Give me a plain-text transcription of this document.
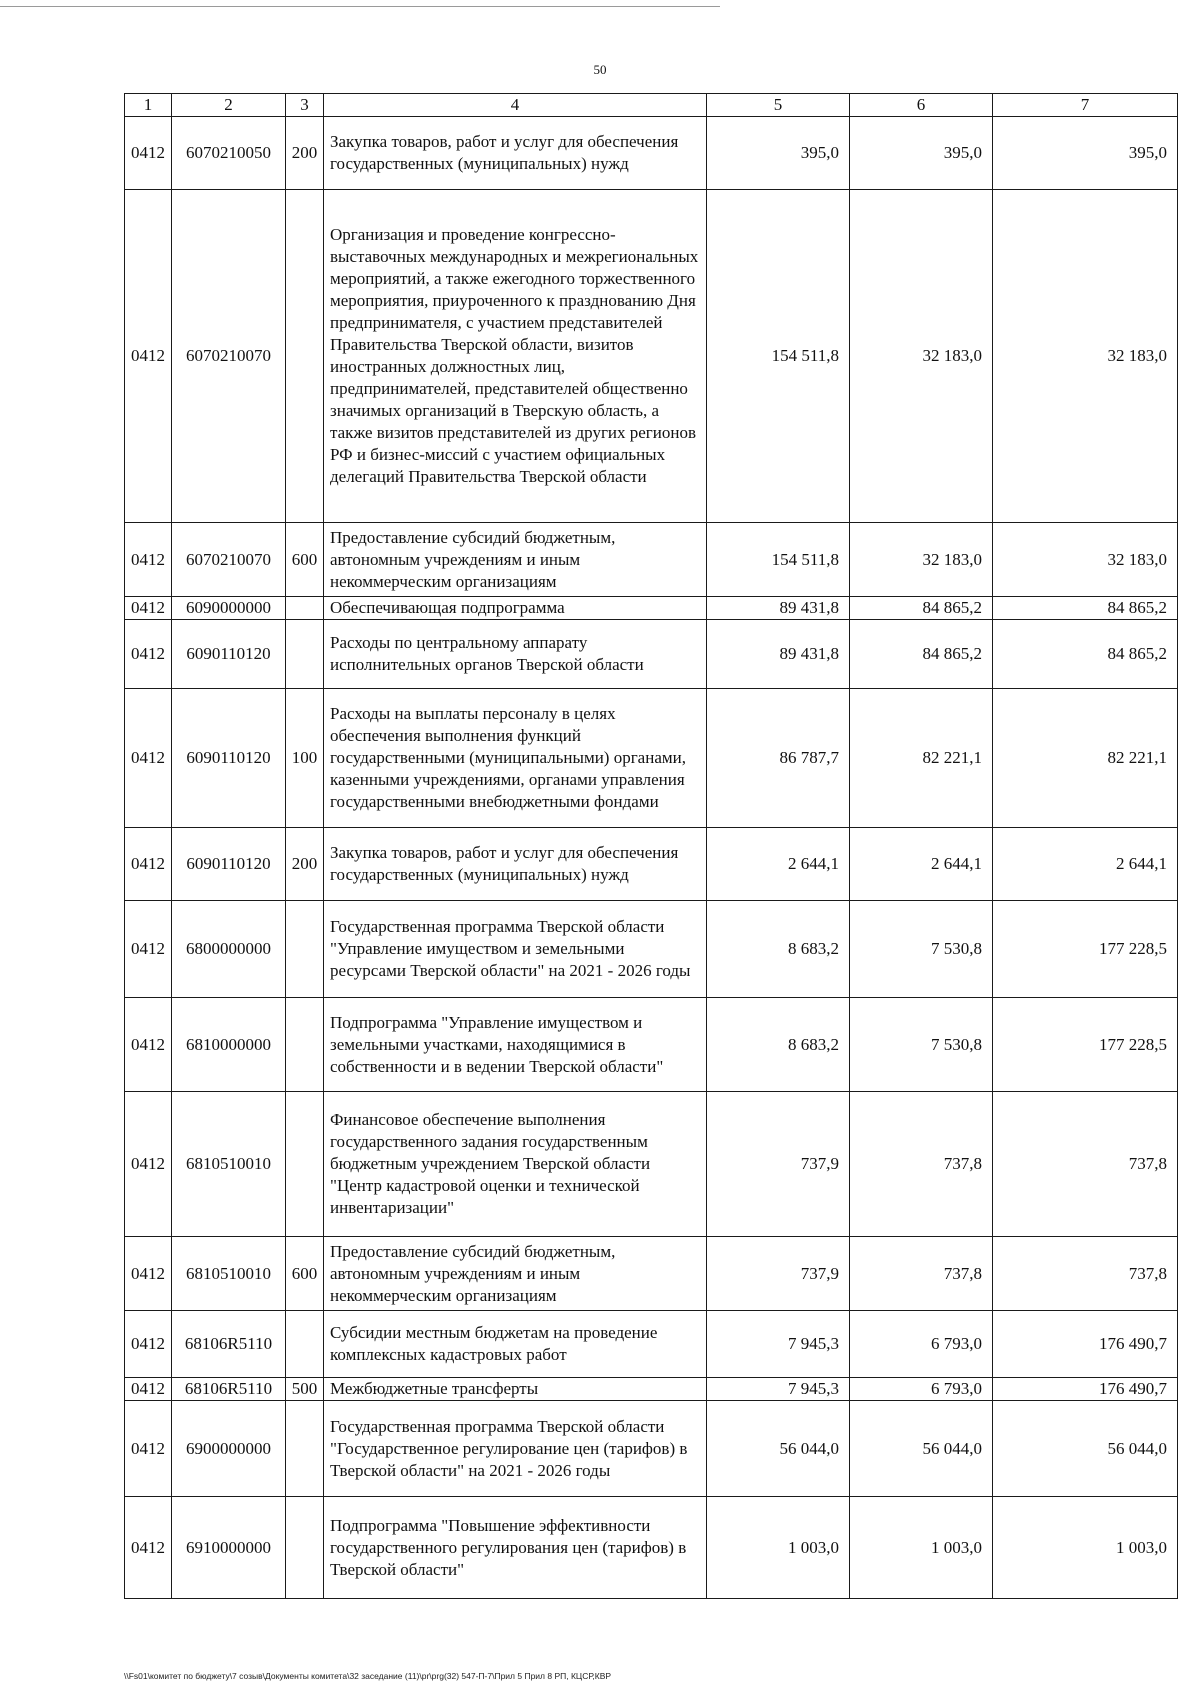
50
1	2	3	4	5	6	7
0412	6070210050	200	Закупка товаров, работ и услуг для обеспечения государственных (муниципальных) нужд	395,0	395,0	395,0
0412	6070210070		Организация и проведение конгрессно-выставочных международных и межрегиональных мероприятий, а также ежегодного торжественного мероприятия, приуроченного к празднованию Дня предпринимателя, с участием представителей Правительства Тверской области, визитов иностранных должностных лиц, предпринимателей, представителей общественно значимых организаций в Тверскую область, а также визитов представителей из других регионов РФ и бизнес-миссий с участием официальных делегаций Правительства Тверской области	154 511,8	32 183,0	32 183,0
0412	6070210070	600	Предоставление субсидий бюджетным, автономным учреждениям и иным некоммерческим организациям	154 511,8	32 183,0	32 183,0
0412	6090000000		Обеспечивающая подпрограмма	89 431,8	84 865,2	84 865,2
0412	6090110120		Расходы по центральному аппарату исполнительных органов Тверской области	89 431,8	84 865,2	84 865,2
0412	6090110120	100	Расходы на выплаты персоналу в целях обеспечения выполнения функций государственными (муниципальными) органами, казенными учреждениями, органами управления государственными внебюджетными фондами	86 787,7	82 221,1	82 221,1
0412	6090110120	200	Закупка товаров, работ и услуг для обеспечения государственных (муниципальных) нужд	2 644,1	2 644,1	2 644,1
0412	6800000000		Государственная программа Тверской области "Управление имуществом и земельными ресурсами Тверской области" на 2021 - 2026 годы	8 683,2	7 530,8	177 228,5
0412	6810000000		Подпрограмма "Управление имуществом и земельными участками, находящимися в собственности и в ведении Тверской области"	8 683,2	7 530,8	177 228,5
0412	6810510010		Финансовое обеспечение выполнения государственного задания государственным бюджетным учреждением Тверской области "Центр кадастровой оценки и технической инвентаризации"	737,9	737,8	737,8
0412	6810510010	600	Предоставление субсидий бюджетным, автономным учреждениям и иным некоммерческим организациям	737,9	737,8	737,8
0412	68106R5110		Субсидии местным бюджетам на проведение комплексных кадастровых работ	7 945,3	6 793,0	176 490,7
0412	68106R5110	500	Межбюджетные трансферты	7 945,3	6 793,0	176 490,7
0412	6900000000		Государственная программа Тверской области "Государственное регулирование цен (тарифов) в Тверской области" на 2021 - 2026 годы	56 044,0	56 044,0	56 044,0
0412	6910000000		Подпрограмма "Повышение эффективности государственного регулирования цен (тарифов) в Тверской области"	1 003,0	1 003,0	1 003,0
\\Fs01\комитет по бюджету\7 созыв\Документы комитета\32 заседание (11)\pr\prg(32) 547-П-7\Прил 5 Прил 8 РП, КЦСР,КВР
